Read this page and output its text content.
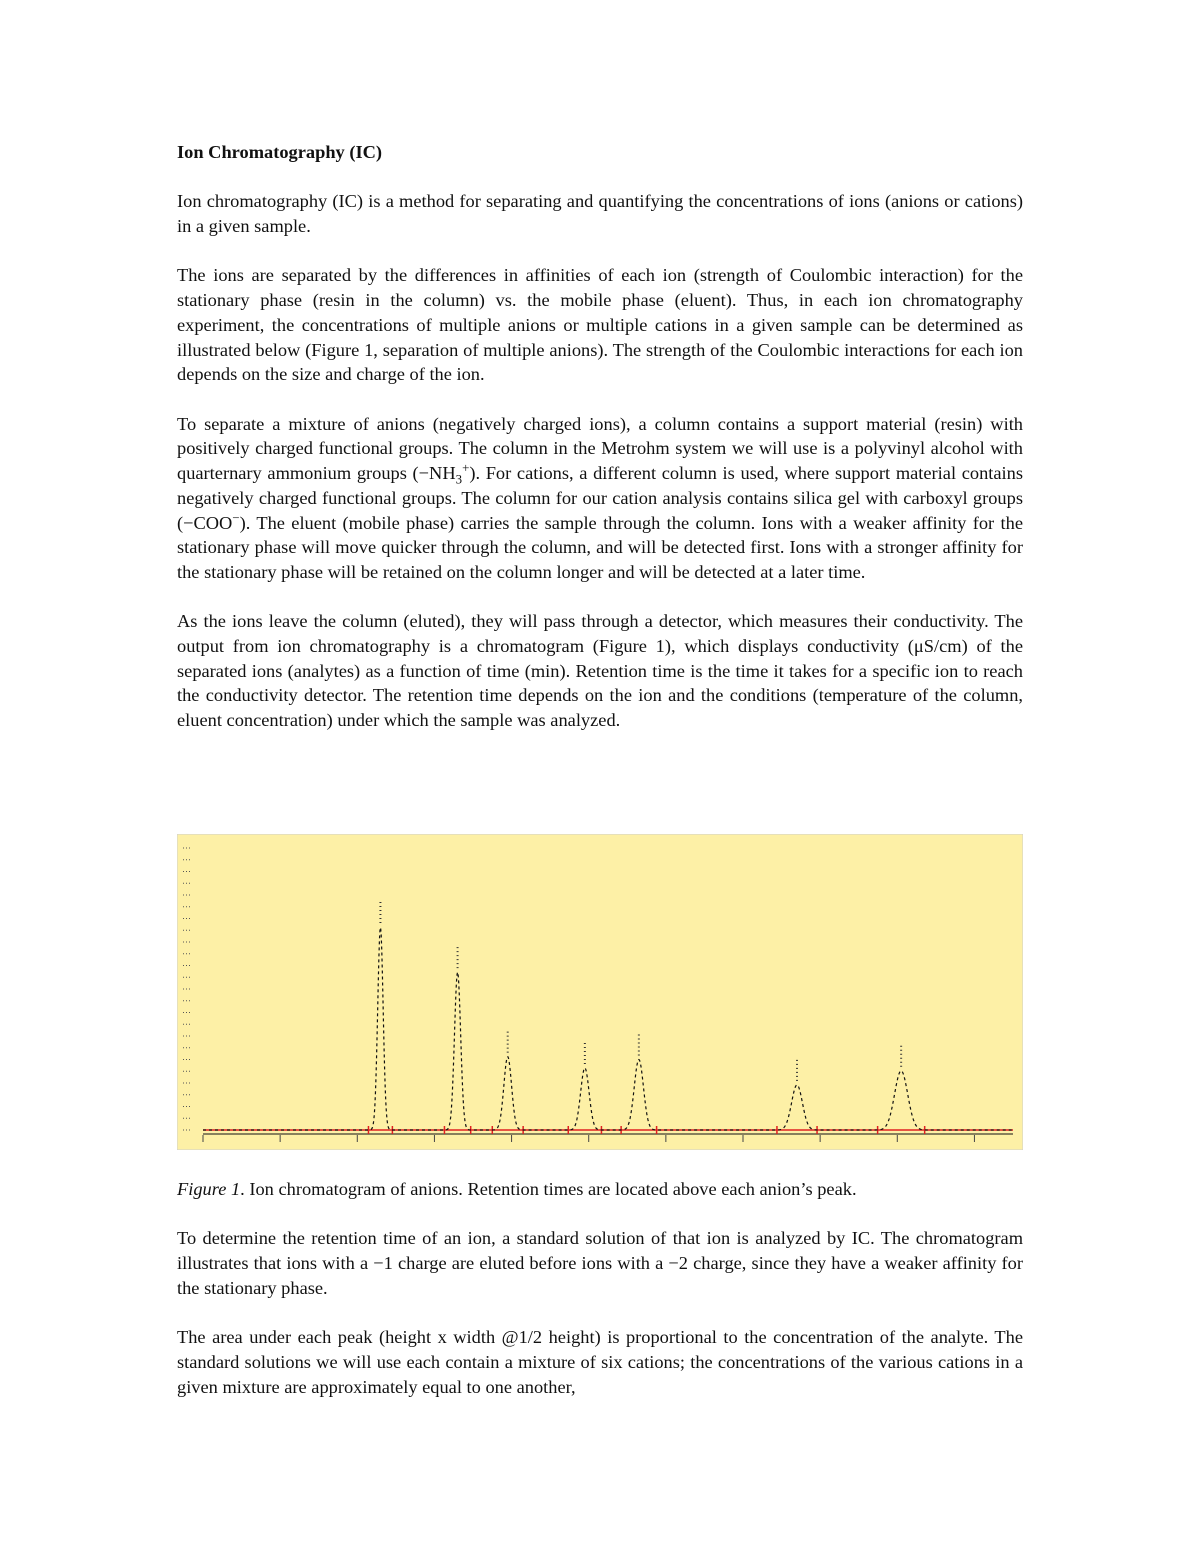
Ion Chromatography (IC)

Ion chromatography (IC) is a method for separating and quantifying the concentrations of ions (anions or cations) in a given sample.

The ions are separated by the differences in affinities of each ion (strength of Coulombic interaction) for the stationary phase (resin in the column) vs. the mobile phase (eluent). Thus, in each ion chromatography experiment, the concentrations of multiple anions or multiple cations in a given sample can be determined as illustrated below (Figure 1, separation of multiple anions). The strength of the Coulombic interactions for each ion depends on the size and charge of the ion.

To separate a mixture of anions (negatively charged ions), a column contains a support material (resin) with positively charged functional groups. The column in the Metrohm system we will use is a polyvinyl alcohol with quarternary ammonium groups $(-NH_3^+)$. For cations, a different column is used, where support material contains negatively charged functional groups. The column for our cation analysis contains silica gel with carboxyl groups (−COO−). The eluent (mobile phase) carries the sample through the column. Ions with a weaker affinity for the stationary phase will move quicker through the column, and will be detected first. Ions with a stronger affinity for the stationary phase will be retained on the column longer and will be detected at a later time.

As the ions leave the column (eluted), they will pass through a detector, which measures their conductivity. The output from ion chromatography is a chromatogram (Figure 1), which displays conductivity (μS/cm) of the separated ions (analytes) as a function of time (min). Retention time is the time it takes for a specific ion to reach the conductivity detector. The retention time depends on the ion and the conditions (temperature of the column, eluent concentration) under which the sample was analyzed.

Figure 1. Ion chromatogram of anions. Retention times are located above each anion’s peak.

To determine the retention time of an ion, a standard solution of that ion is analyzed by IC. The chromatogram illustrates that ions with a −1 charge are eluted before ions with a −2 charge, since they have a weaker affinity for the stationary phase.

The area under each peak (height x width @1/2 height) is proportional to the concentration of the analyte. The standard solutions we will use each contain a mixture of six cations; the concentrations of the various cations in a given mixture are approximately equal to one another,
